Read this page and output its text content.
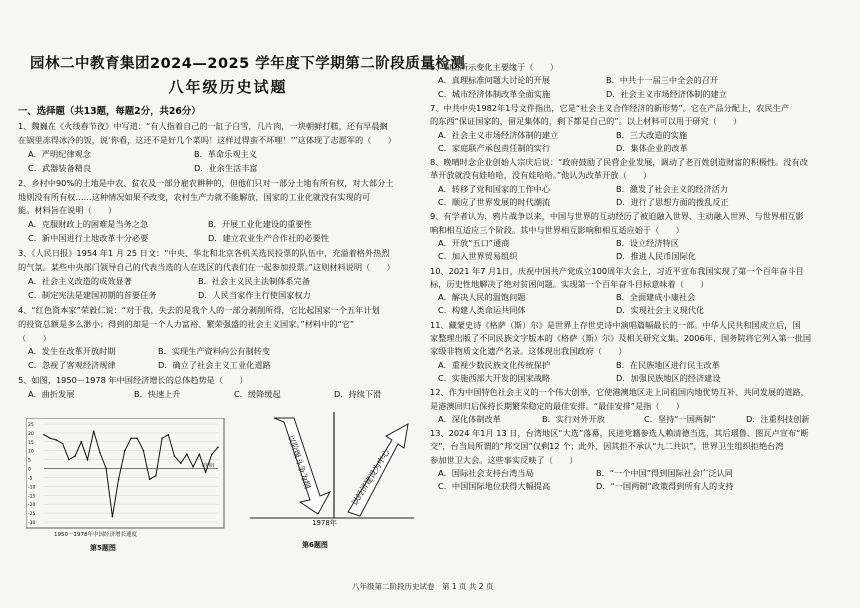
园林二中教育集团2024—2025 学年度下学期第二阶段质量检测
八年级历史试题
一、选择题（共13题，每题2分，共26分）
1、魏巍在《火线春节夜》中写道：“有人指着自己的一缸子白雪，几片肉，一块朝鲜打糕，还有早晨搁
在锅里冻得冰冷的饭，说‘你看，这还不是好几个菜吗！这样过得蛮不坏哩！’”这体现了志愿军的（　　）
A．严明纪律观念	B．革命乐观主义
C．武器装备精良	D．业余生活丰富
2、乡村中90%的土地是中农、贫农及一部分雇农耕种的，但他们只对一部分土地有所有权，对大部分土
地则没有所有权……这种情况如果不改变，农村生产力就不能解放，国家的工业化就没有实现的可
能。材料旨在说明（　　）
A．克服财政上的困难是当务之急	B．开展工业化建设的重要性
C．新中国进行土地改革十分必要	D．建立农业生产合作社的必要性
3、《人民日报》1954 年1 月 25 日文：“中央、华北和北京各机关选民投票的队伍中，充溢着格外热烈
的气氛。某些中央部门领导自己的代表当选的人在选区的代表们在一起参加投票。”这则材料说明（　　）
A．社会主义改造的成效显著	B．社会主义民主法制体系完备
C．制定宪法是建国初期的首要任务	D．人民当家作主行使国家权力
4、“红色资本家”荣毅仁说：“对于我，失去的是我个人的一部分剥削所得，它比起国家一个五年计划
的投资总额是多么渺小；得到的却是一个人力富裕、繁荣强盛的社会主义国家。”材料中的“它”
（　　）
A．发生在改革开放时期	B．实现生产资料向公有制转变
C．忽视了客观经济规律	D．确立了社会主义工业化道路
5、如图，1950－1978 年中国经济增长的总体趋势是（　　）
A．曲折发展	B．快速上升	C．缓降缓起	D．持续下滑
25
20
15
10
5
0
-5
-10
-15
-20
-25
-30
(年份)
1950－1978年中国经济增长速度
第5题图
以阶级斗争为纲	以经济建设为中心
1978年
第6题图
6、如图所示变化主要缘于（　　）
A．真理标准问题大讨论的开展	B．中共十一届三中全会的召开
C．城市经济体制改革全面实施	D．社会主义市场经济体制的建立
7、中共中央1982年1号文件指出，它是“社会主义合作经济的新形势”。它在产品分配上，农民生产
的东西“保证国家的，留足集体的，剩下都是自己的”。以上材料可以用于研究（　　）
A．社会主义市场经济体制的建立	B．三大改造的实施
C．家庭联产承包责任制的实行	D．集体企业的改革
8、晚晴时念企业创始人宗庆后说：“政府鼓励了民营企业发展，调动了老百姓创造财富的积极性。没有改
革开放就没有娃哈哈，没有娃哈哈。”他认为改革开放（　　）
A．转移了党和国家的工作中心	B．激发了社会主义的经济活力
C．顺应了世界发展的时代潮流	D．进行了思想方面的拨乱反正
9、有学者认为，鸦片战争以来，中国与世界的互动经历了被迫融入世界、主动融入世界、与世界相互影
响和相互适应三个阶段。其中与世界相互影响和相互适应始于（　　）
A．开放“五口”通商	B．设立经济特区
C．加入世界贸易组织	D．推进人民币国际化
10、2021 年7 月1日，庆祝中国共产党成立100周年大会上，习近平宣布我国实现了第一个百年奋斗目
标，历史性地解决了绝对贫困问题。实现第一个百年奋斗目标意味着（　　）
A．解决人民的温饱问题	B．全面建成小康社会
C．构建人类命运共同体	D．实现社会主义现代化
11、藏蒙史诗《格萨（斯）尔》是世界上存世史诗中演唱篇幅最长的一部。中华人民共和国成立后，国
家整理出版了不同民族文字版本的《格萨（斯）尔》及相关研究文集。2006年，国务院将它列入第一批国
家级非物质文化遗产名录。这体现出我国政府（　　）
A．重视少数民族文化传统保护	B．在民族地区进行民主改革
C．实施西部大开发的国家战略	D．加强民族地区的经济建设
12、作为中国特色社会主义的一个伟大创举，它使港澳地区走上同祖国内地优势互补、共同发展的道路，
是港澳回归后保持长期繁荣稳定的最佳安排。“最佳安排”是指（　　）
A．深化体制改革	B．实行对外开放	C．坚持“一国两制”	D．注重科技创新
13、2024 年1月 13 日，台湾地区“大选”落幕，民进党籍参选人赖清德当选，其后瑙鲁、图瓦卢宣布“断
交”，台当局所谓的“邦交国”仅剩12 个；此外，因其拒不承认“九二共识”，世界卫生组织拒绝台湾
参加世卫大会。这些事实反映了（　　）
A．国际社会支持台湾当局	B．“一个中国”得到国际社会广泛认同
C．中国国际地位获得大幅提高	D．“一国两制”政策得到所有人的支持
八年级第二阶段历史试卷　第 1 页 共 2 页
